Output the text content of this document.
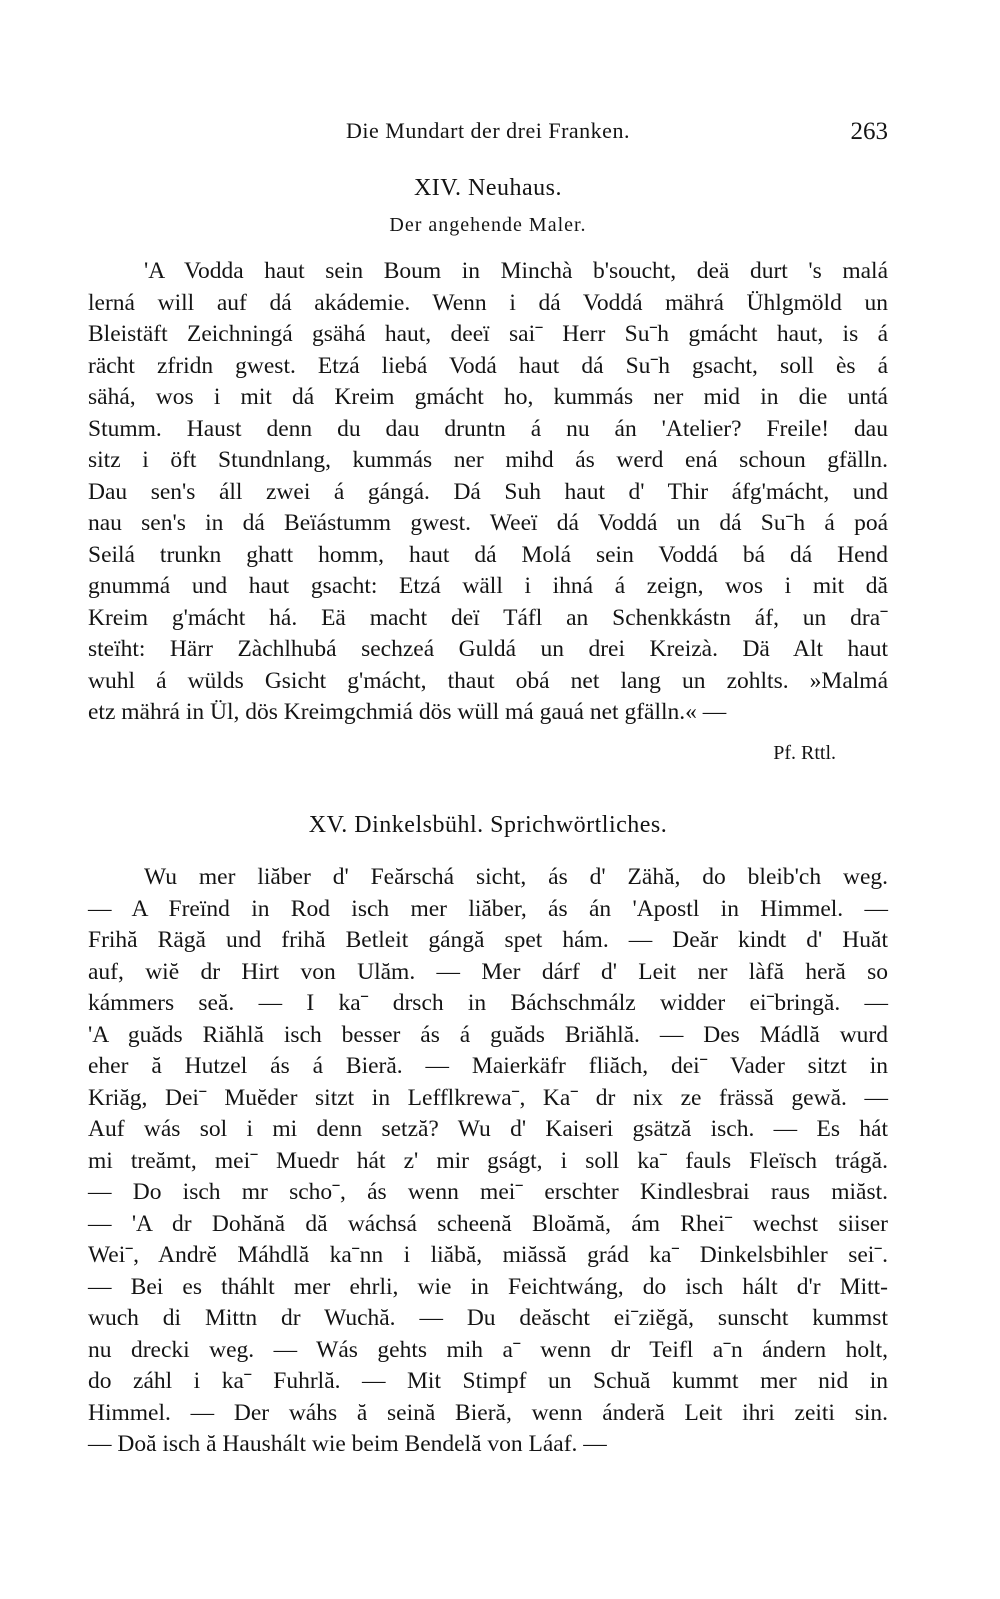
Die Mundart der drei Franken.	263
XIV. Neuhaus.
Der angehende Maler.
'A Vodda haut sein Boum in Minchà b'soucht, deä durt 's malá
lerná will auf dá akádemie. Wenn i dá Voddá mährá Ühlgmöld un
Bleistäft Zeichningá gsähá haut, deeï saiˉ Herr Suˉh gmácht haut, is á
rächt zfridn gwest. Etzá liebá Vodá haut dá Suˉh gsacht, soll ès á
sähá, wos i mit dá Kreim gmácht ho, kummás ner mid in die untá
Stumm. Haust denn du dau druntn á nu án 'Atelier? Freile! dau
sitz i öft Stundnlang, kummás ner mihd ás werd ená schoun gfälln.
Dau sen's áll zwei á gángá. Dá Suh haut d' Thir áfg'mácht, und
nau sen's in dá Beïástumm gwest. Weeï dá Voddá un dá Suˉh á poá
Seilá trunkn ghatt homm, haut dá Molá sein Voddá bá dá Hend
gnummá und haut gsacht: Etzá wäll i ihná á zeign, wos i mit dă
Kreim g'mácht há. Eä macht deï Táfl an Schenkkástn áf, un draˉ
steïht: Härr Zàchlhubá sechzeá Guldá un drei Kreizà. Dä Alt haut
wuhl á wülds Gsicht g'mácht, thaut obá net lang un zohlts. »Malmá
etz mährá in Ül, dös Kreimgchmiá dös wüll má gauá net gfälln.« —
Pf. Rttl.
XV. Dinkelsbühl. Sprichwörtliches.
Wu mer liăber d' Feărschá sicht, ás d' Zähă, do bleib'ch weg.
— A Freïnd in Rod isch mer liăber, ás án 'Apostl in Himmel. —
Frihă Rägă und frihă Betleit gángă spet hám. — Deăr kindt d' Huăt
auf, wiĕ dr Hirt von Ulăm. — Mer dárf d' Leit ner làfă heră so
kámmers seă. — I kaˉ drsch in Báchschmálz widder eiˉbringă. —
'A guăds Riăhlă isch besser ás á guăds Briăhlă. — Des Mádlă wurd
eher ă Hutzel ás á Bieră. — Maierkäfr fliăch, deiˉ Vader sitzt in
Kriăg, Deiˉ Muĕder sitzt in Lefflkrewaˉ, Kaˉ dr nix ze frässă gewă. —
Auf wás sol i mi denn setză? Wu d' Kaiseri gsätză isch. — Es hát
mi treămt, meiˉ Muedr hát z' mir gságt, i soll kaˉ fauls Fleïsch trágă.
— Do isch mr schoˉ, ás wenn meiˉ erschter Kindlesbrai raus miăst.
— 'A dr Dohănă dă wáchsá scheenă Bloămă, ám Rheiˉ wechst siiser
Weiˉ, Andrĕ Máhdlă kaˉnn i liăbă, miăssă grád kaˉ Dinkelsbihler seiˉ.
— Bei es tháhlt mer ehrli, wie in Feichtwáng, do isch hált d'r Mitt-
wuch di Mittn dr Wuchă. — Du deăscht eiˉziĕgă, sunscht kummst
nu drecki weg. — Wás gehts mih aˉ wenn dr Teifl aˉn ándern holt,
do záhl i kaˉ Fuhrlă. — Mit Stimpf un Schuă kummt mer nid in
Himmel. — Der wáhs ă seină Bieră, wenn ánderă Leit ihri zeiti sin.
— Doă isch ă Haushált wie beim Bendelă von Láaf. —
